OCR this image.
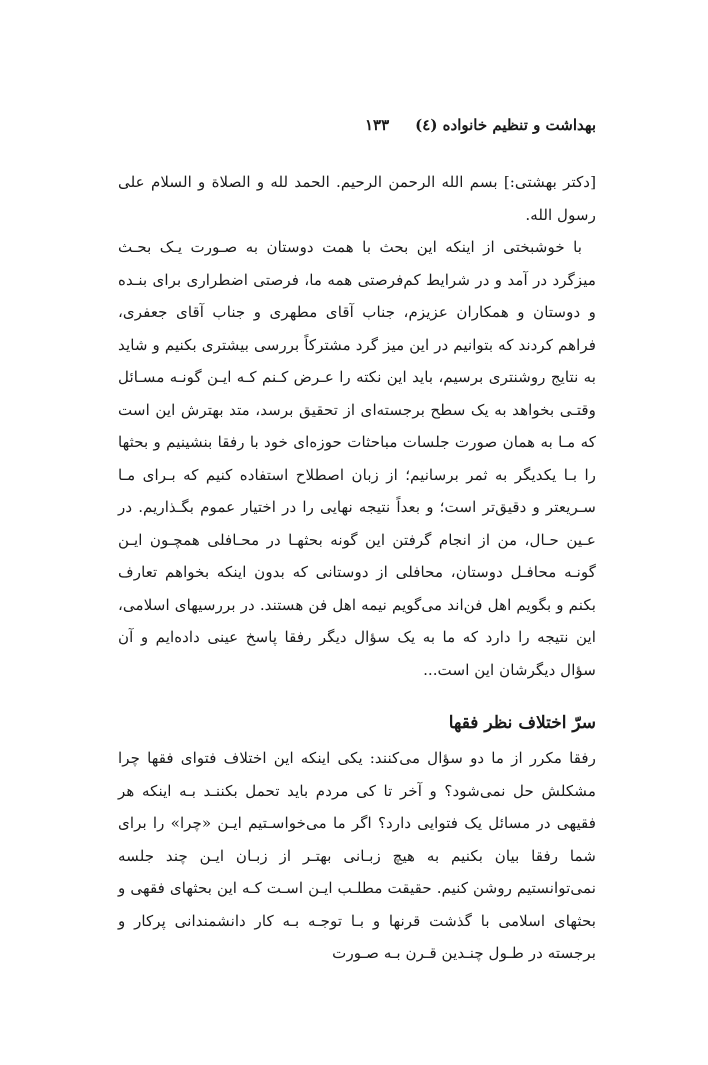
بهداشت و تنظیم خانواده (٤)
۱۳۳

[دکتر بهشتی:] بسم الله الرحمن الرحیم. الحمد لله و الصلاة و السلام علی رسول الله.

با خوشبختی از اینکه این بحث با همت دوستان به صـورت یـک بحـث میزگرد در آمد و در شرایط کم‌فرصتی همه ما، فرصتی اضطراری برای بنـده و دوستان و همکاران عزیزم، جناب آقای مطهری و جناب آقای جعفری، فراهم کردند که بتوانیم در این میز گرد مشترکاً بررسی بیشتری بکنیم و شاید به نتایج روشنتری برسیم، باید این نکته را عـرض کـنم کـه ایـن گونـه مسـائل وقتـی بخواهد به یک سطح برجسته‌ای از تحقیق برسد، متد بهترش این است که مـا به همان صورت جلسات مباحثات حوزه‌ای خود با رفقا بنشینیم و بحثها را بـا یکدیگر به ثمر برسانیم؛ از زبان اصطلاح استفاده کنیم که بـرای مـا سـریعتر و دقیق‌تر است؛ و بعداً نتیجه نهایی را در اختیار عموم بگـذاریم. در عـین حـال، من از انجام گرفتن این گونه بحثهـا در محـافلی همچـون ایـن گونـه محافـل دوستان، محافلی از دوستانی که بدون اینکه بخواهم تعارف بکنم و بگویم اهل فن‌اند می‌گویم نیمه اهل فن هستند. در بررسیهای اسلامی، این نتیجه را دارد که ما به یک سؤال دیگر رفقا پاسخ عینی داده‌ایم و آن سؤال دیگرشان این است...

سرّ اختلاف نظر فقها

رفقا مکرر از ما دو سؤال می‌کنند: یکی اینکه این اختلاف فتوای فقها چرا مشکلش حل نمی‌شود؟ و آخر تا کی مردم باید تحمل بکننـد بـه اینکه هر فقیهی در مسائل یک فتوایی دارد؟ اگر ما می‌خواسـتیم ایـن «چرا» را برای شما رفقا بیان بکنیم به هیچ زبـانی بهتـر از زبـان ایـن چند جلسه نمی‌توانستیم روشن کنیم. حقیقت مطلـب ایـن اسـت کـه این بحثهای فقهی و بحثهای اسلامی با گذشت قرنها و بـا توجـه بـه کار دانشمندانی پرکار و برجسته در طـول چنـدین قـرن بـه صـورت
